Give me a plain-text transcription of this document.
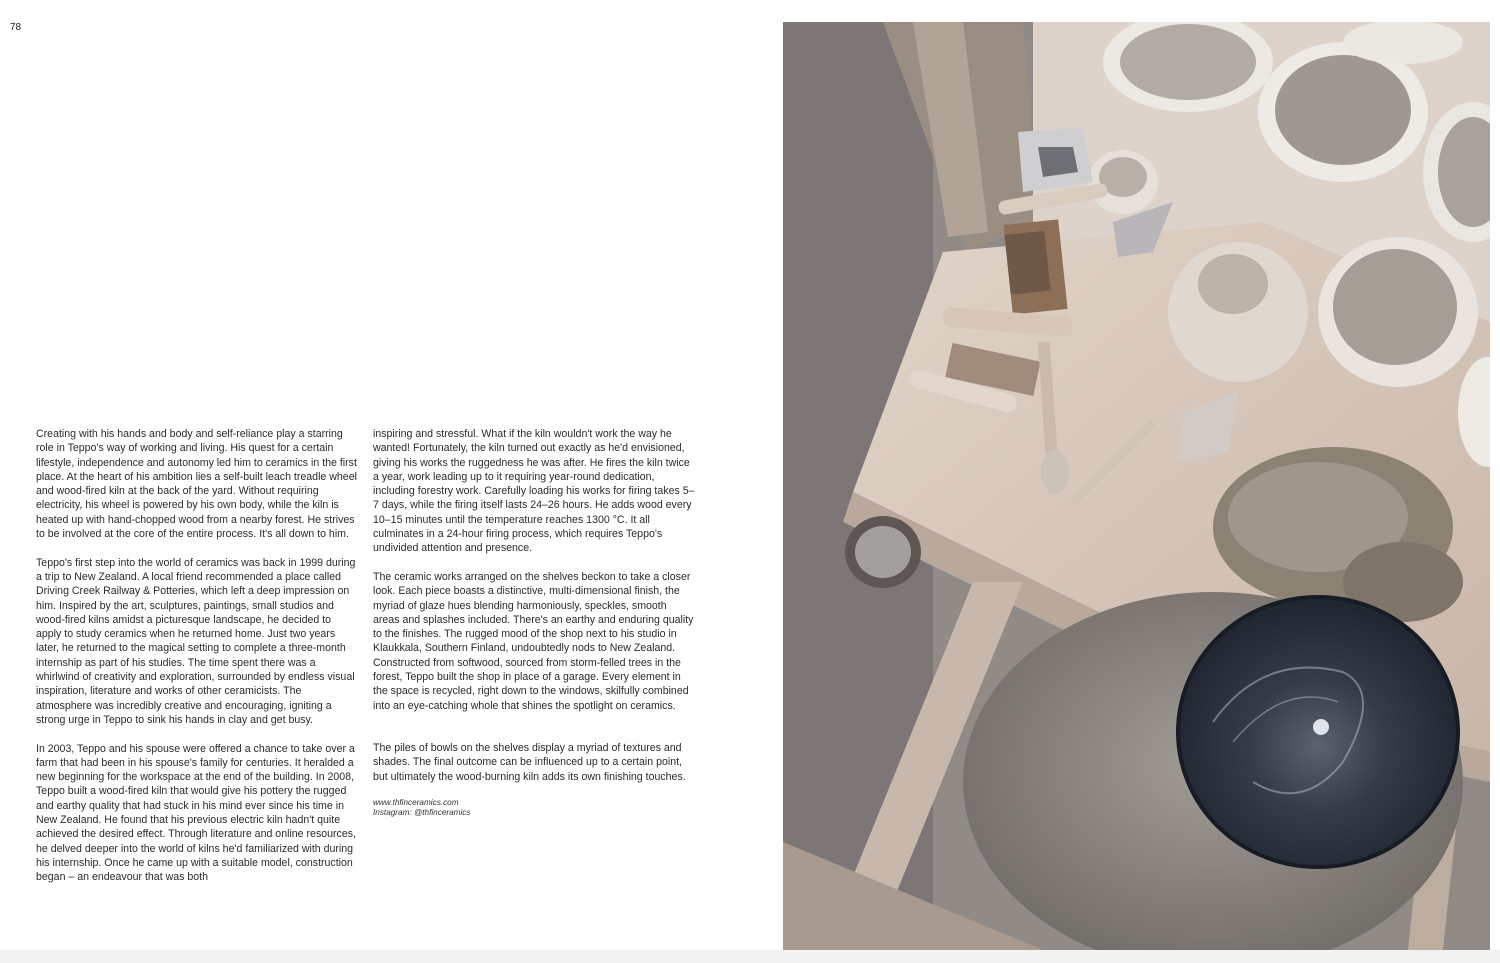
78

Creating with his hands and body and self-reliance play a starring role in Teppo's way of working and living. His quest for a certain lifestyle, independence and autonomy led him to ceramics in the first place. At the heart of his ambition lies a self-built leach treadle wheel and wood-fired kiln at the back of the yard. Without requiring electricity, his wheel is powered by his own body, while the kiln is heated up with hand-chopped wood from a nearby forest. He strives to be involved at the core of the entire process. It's all down to him.

Teppo's first step into the world of ceramics was back in 1999 during a trip to New Zealand. A local friend recommended a place called Driving Creek Railway & Potteries, which left a deep impression on him. Inspired by the art, sculptures, paintings, small studios and wood-fired kilns amidst a picturesque landscape, he decided to apply to study ceramics when he returned home. Just two years later, he returned to the magical setting to complete a three-month internship as part of his studies. The time spent there was a whirlwind of creativity and exploration, surrounded by endless visual inspiration, literature and works of other ceramicists. The atmosphere was incredibly creative and encouraging, igniting a strong urge in Teppo to sink his hands in clay and get busy.

In 2003, Teppo and his spouse were offered a chance to take over a farm that had been in his spouse's family for centuries. It heralded a new beginning for the workspace at the end of the building. In 2008, Teppo built a wood-fired kiln that would give his pottery the rugged and earthy quality that had stuck in his mind ever since his time in New Zealand. He found that his previous electric kiln hadn't quite achieved the desired effect. Through literature and online resources, he delved deeper into the world of kilns he'd familiarized with during his internship. Once he came up with a suitable model, construction began – an endeavour that was both

inspiring and stressful. What if the kiln wouldn't work the way he wanted! Fortunately, the kiln turned out exactly as he'd envisioned, giving his works the ruggedness he was after. He fires the kiln twice a year, work leading up to it requiring year-round dedication, including forestry work. Carefully loading his works for firing takes 5–7 days, while the firing itself lasts 24–26 hours. He adds wood every 10–15 minutes until the temperature reaches 1300 °C. It all culminates in a 24-hour firing process, which requires Teppo's undivided attention and presence.

The ceramic works arranged on the shelves beckon to take a closer look. Each piece boasts a distinctive, multi-dimensional finish, the myriad of glaze hues blending harmoniously, speckles, smooth areas and splashes included. There's an earthy and enduring quality to the finishes. The rugged mood of the shop next to his studio in Klaukkala, Southern Finland, undoubtedly nods to New Zealand. Constructed from softwood, sourced from storm-felled trees in the forest, Teppo built the shop in place of a garage. Every element in the space is recycled, right down to the windows, skilfully combined into an eye-catching whole that shines the spotlight on ceramics.

The piles of bowls on the shelves display a myriad of textures and shades. The final outcome can be influenced up to a certain point, but ultimately the wood-burning kiln adds its own finishing touches.

www.thfinceramics.com
Instagram: @thfinceramics
